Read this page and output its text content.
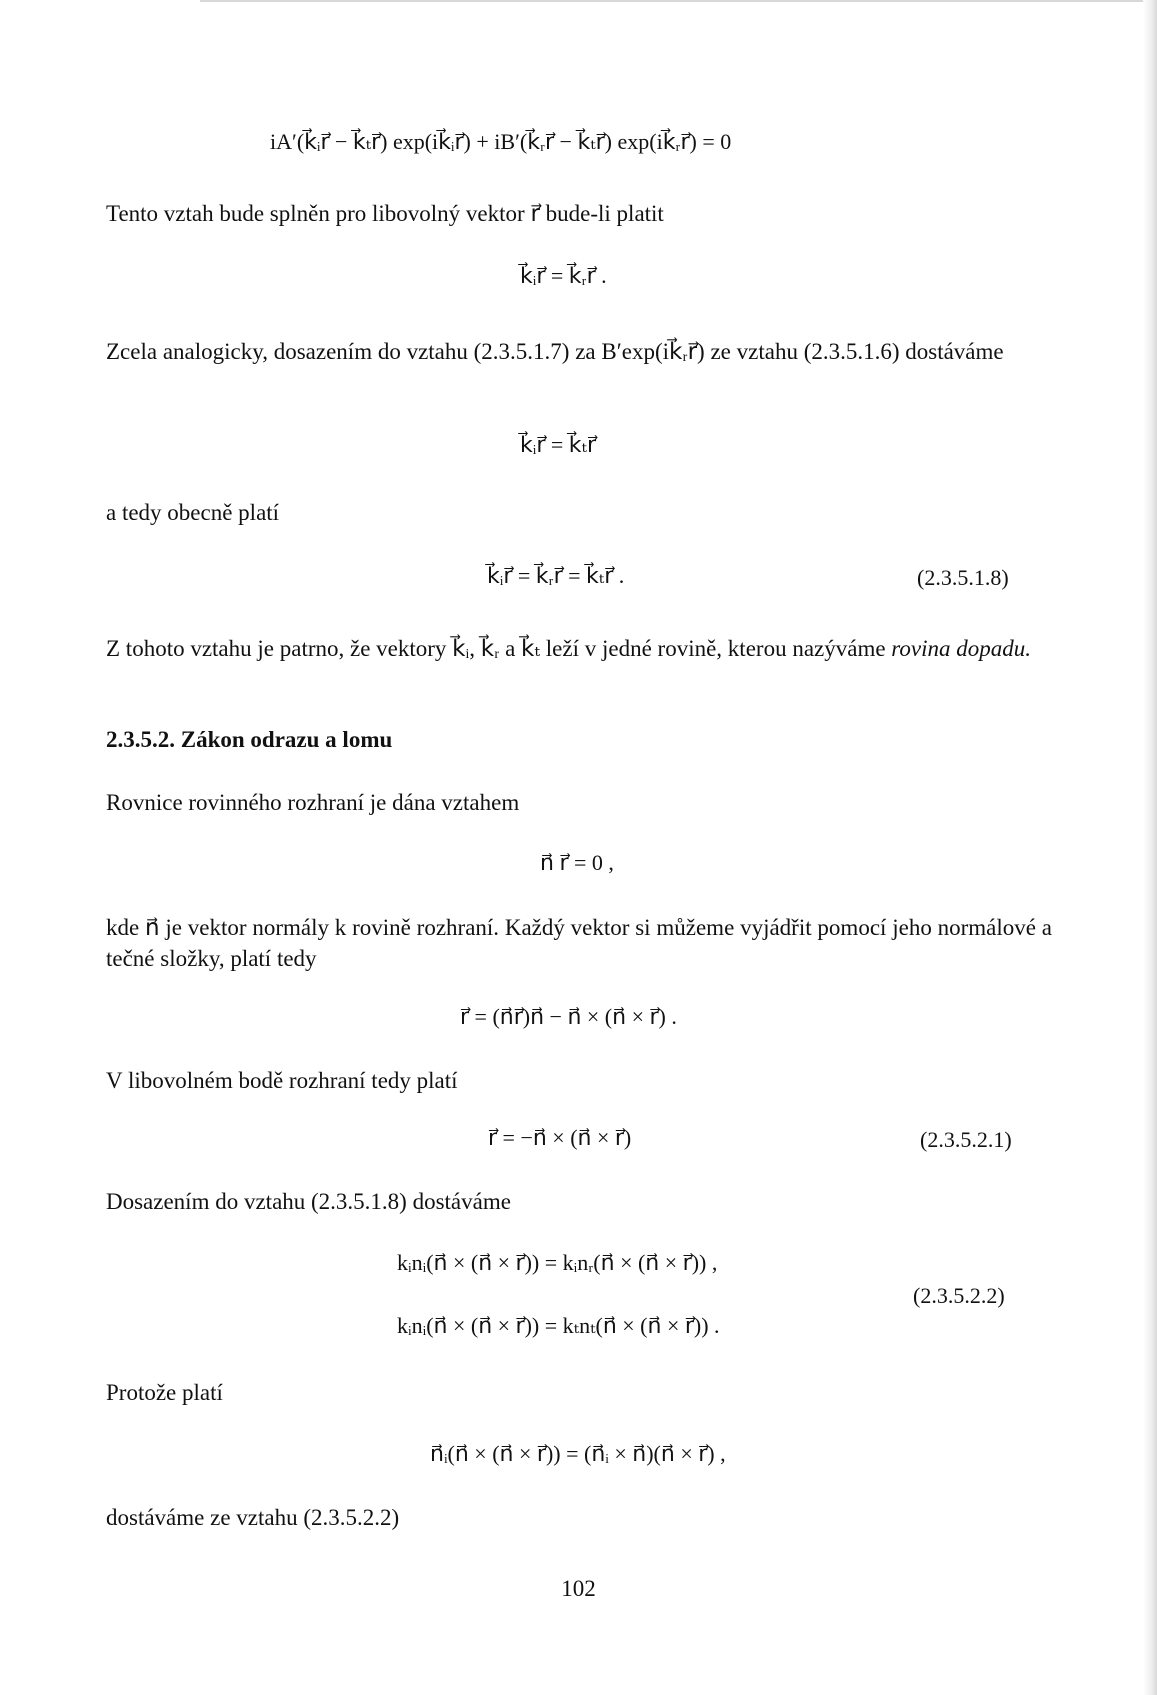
iA′(k⃗ᵢr⃗ − k⃗ₜr⃗) exp(ik⃗ᵢr⃗) + iB′(k⃗ᵣr⃗ − k⃗ₜr⃗) exp(ik⃗ᵣr⃗) = 0

Tento vztah bude splněn pro libovolný vektor r⃗ bude-li platit

k⃗ᵢr⃗ = k⃗ᵣr⃗ .

Zcela analogicky, dosazením do vztahu (2.3.5.1.7) za B′exp(ik⃗ᵣr⃗) ze vztahu (2.3.5.1.6) dostáváme

k⃗ᵢr⃗ = k⃗ₜr⃗

a tedy obecně platí

k⃗ᵢr⃗ = k⃗ᵣr⃗ = k⃗ₜr⃗ .	(2.3.5.1.8)

Z tohoto vztahu je patrno, že vektory k⃗ᵢ, k⃗ᵣ a k⃗ₜ leží v jedné rovině, kterou nazýváme rovina dopadu.

2.3.5.2. Zákon odrazu a lomu

Rovnice rovinného rozhraní je dána vztahem

n⃗ r⃗ = 0 ,

kde n⃗ je vektor normály k rovině rozhraní. Každý vektor si můžeme vyjádřit pomocí jeho normálové a tečné složky, platí tedy

r⃗ = (n⃗r⃗)n⃗ − n⃗ × (n⃗ × r⃗) .

V libovolném bodě rozhraní tedy platí

r⃗ = −n⃗ × (n⃗ × r⃗)	(2.3.5.2.1)

Dosazením do vztahu (2.3.5.1.8) dostáváme

kᵢnᵢ(n⃗ × (n⃗ × r⃗)) = kᵢnᵣ(n⃗ × (n⃗ × r⃗)) ,

kᵢnᵢ(n⃗ × (n⃗ × r⃗)) = kₜnₜ(n⃗ × (n⃗ × r⃗)) .

(2.3.5.2.2)

Protože platí

n⃗ᵢ(n⃗ × (n⃗ × r⃗)) = (n⃗ᵢ × n⃗)(n⃗ × r⃗) ,

dostáváme ze vztahu (2.3.5.2.2)

102
